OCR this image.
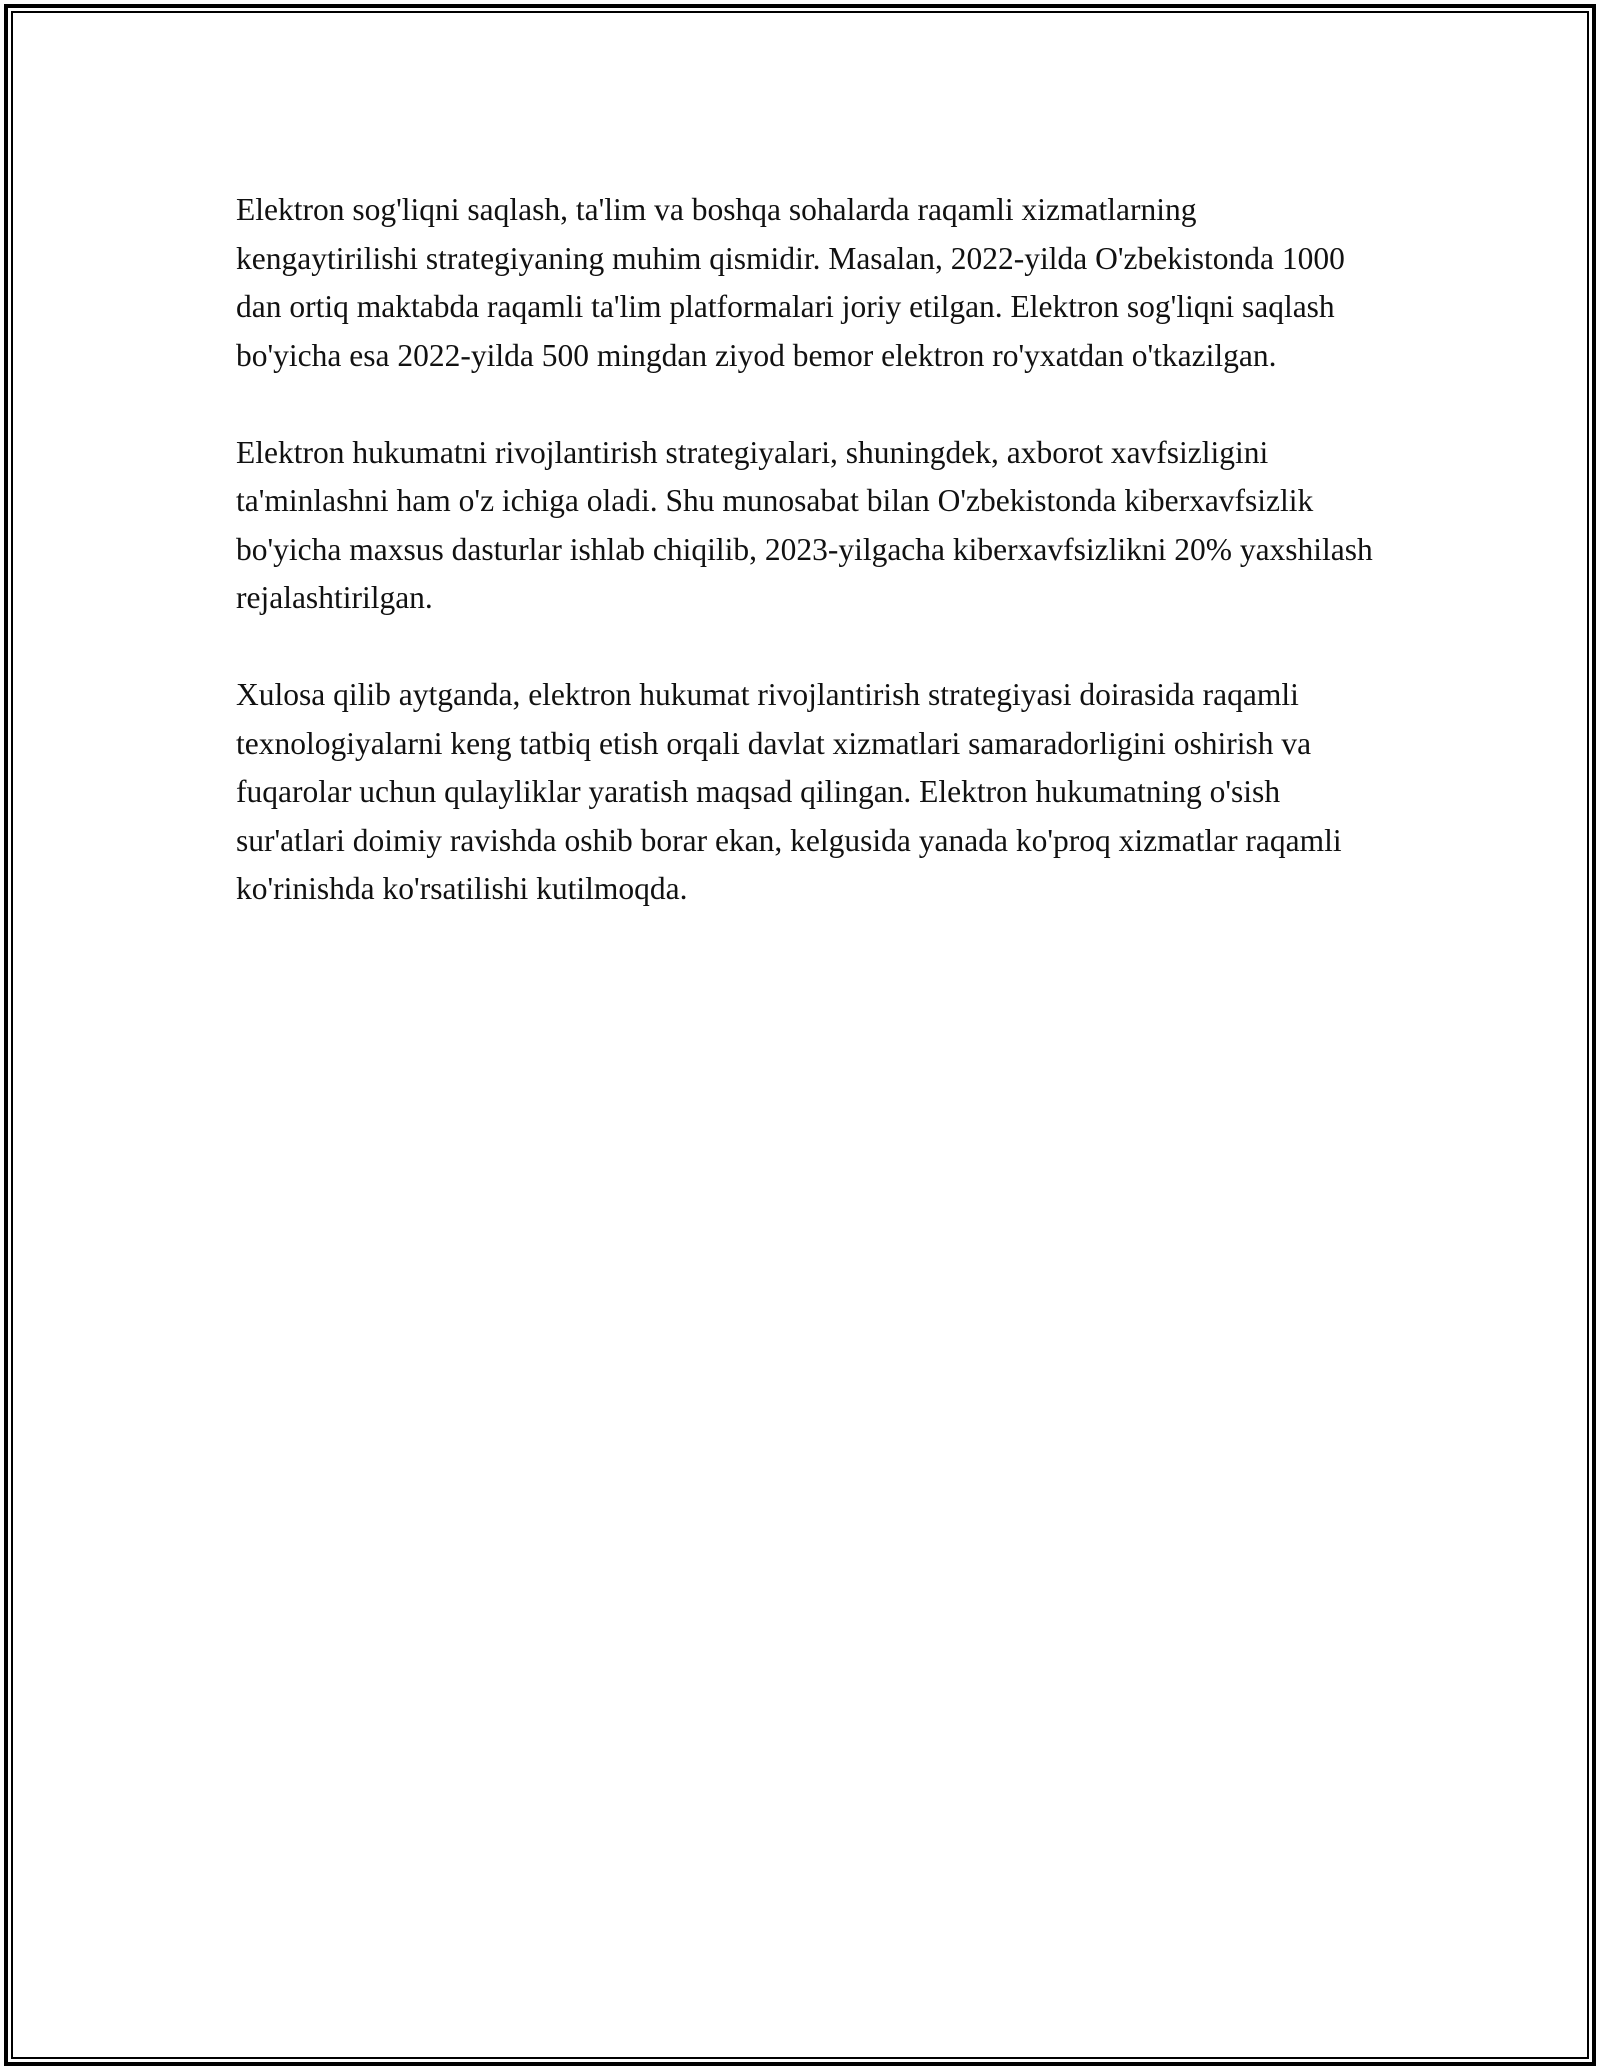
Elektron sog'liqni saqlash, ta'lim va boshqa sohalarda raqamli xizmatlarning kengaytirilishi strategiyaning muhim qismidir. Masalan, 2022-yilda O'zbekistonda 1000 dan ortiq maktabda raqamli ta'lim platformalari joriy etilgan. Elektron sog'liqni saqlash bo'yicha esa 2022-yilda 500 mingdan ziyod bemor elektron ro'yxatdan o'tkazilgan.

Elektron hukumatni rivojlantirish strategiyalari, shuningdek, axborot xavfsizligini ta'minlashni ham o'z ichiga oladi. Shu munosabat bilan O'zbekistonda kiberxavfsizlik bo'yicha maxsus dasturlar ishlab chiqilib, 2023-yilgacha kiberxavfsizlikni 20% yaxshilash rejalashtirilgan.

Xulosa qilib aytganda, elektron hukumat rivojlantirish strategiyasi doirasida raqamli texnologiyalarni keng tatbiq etish orqali davlat xizmatlari samaradorligini oshirish va fuqarolar uchun qulayliklar yaratish maqsad qilingan. Elektron hukumatning o'sish sur'atlari doimiy ravishda oshib borar ekan, kelgusida yanada ko'proq xizmatlar raqamli ko'rinishda ko'rsatilishi kutilmoqda.
